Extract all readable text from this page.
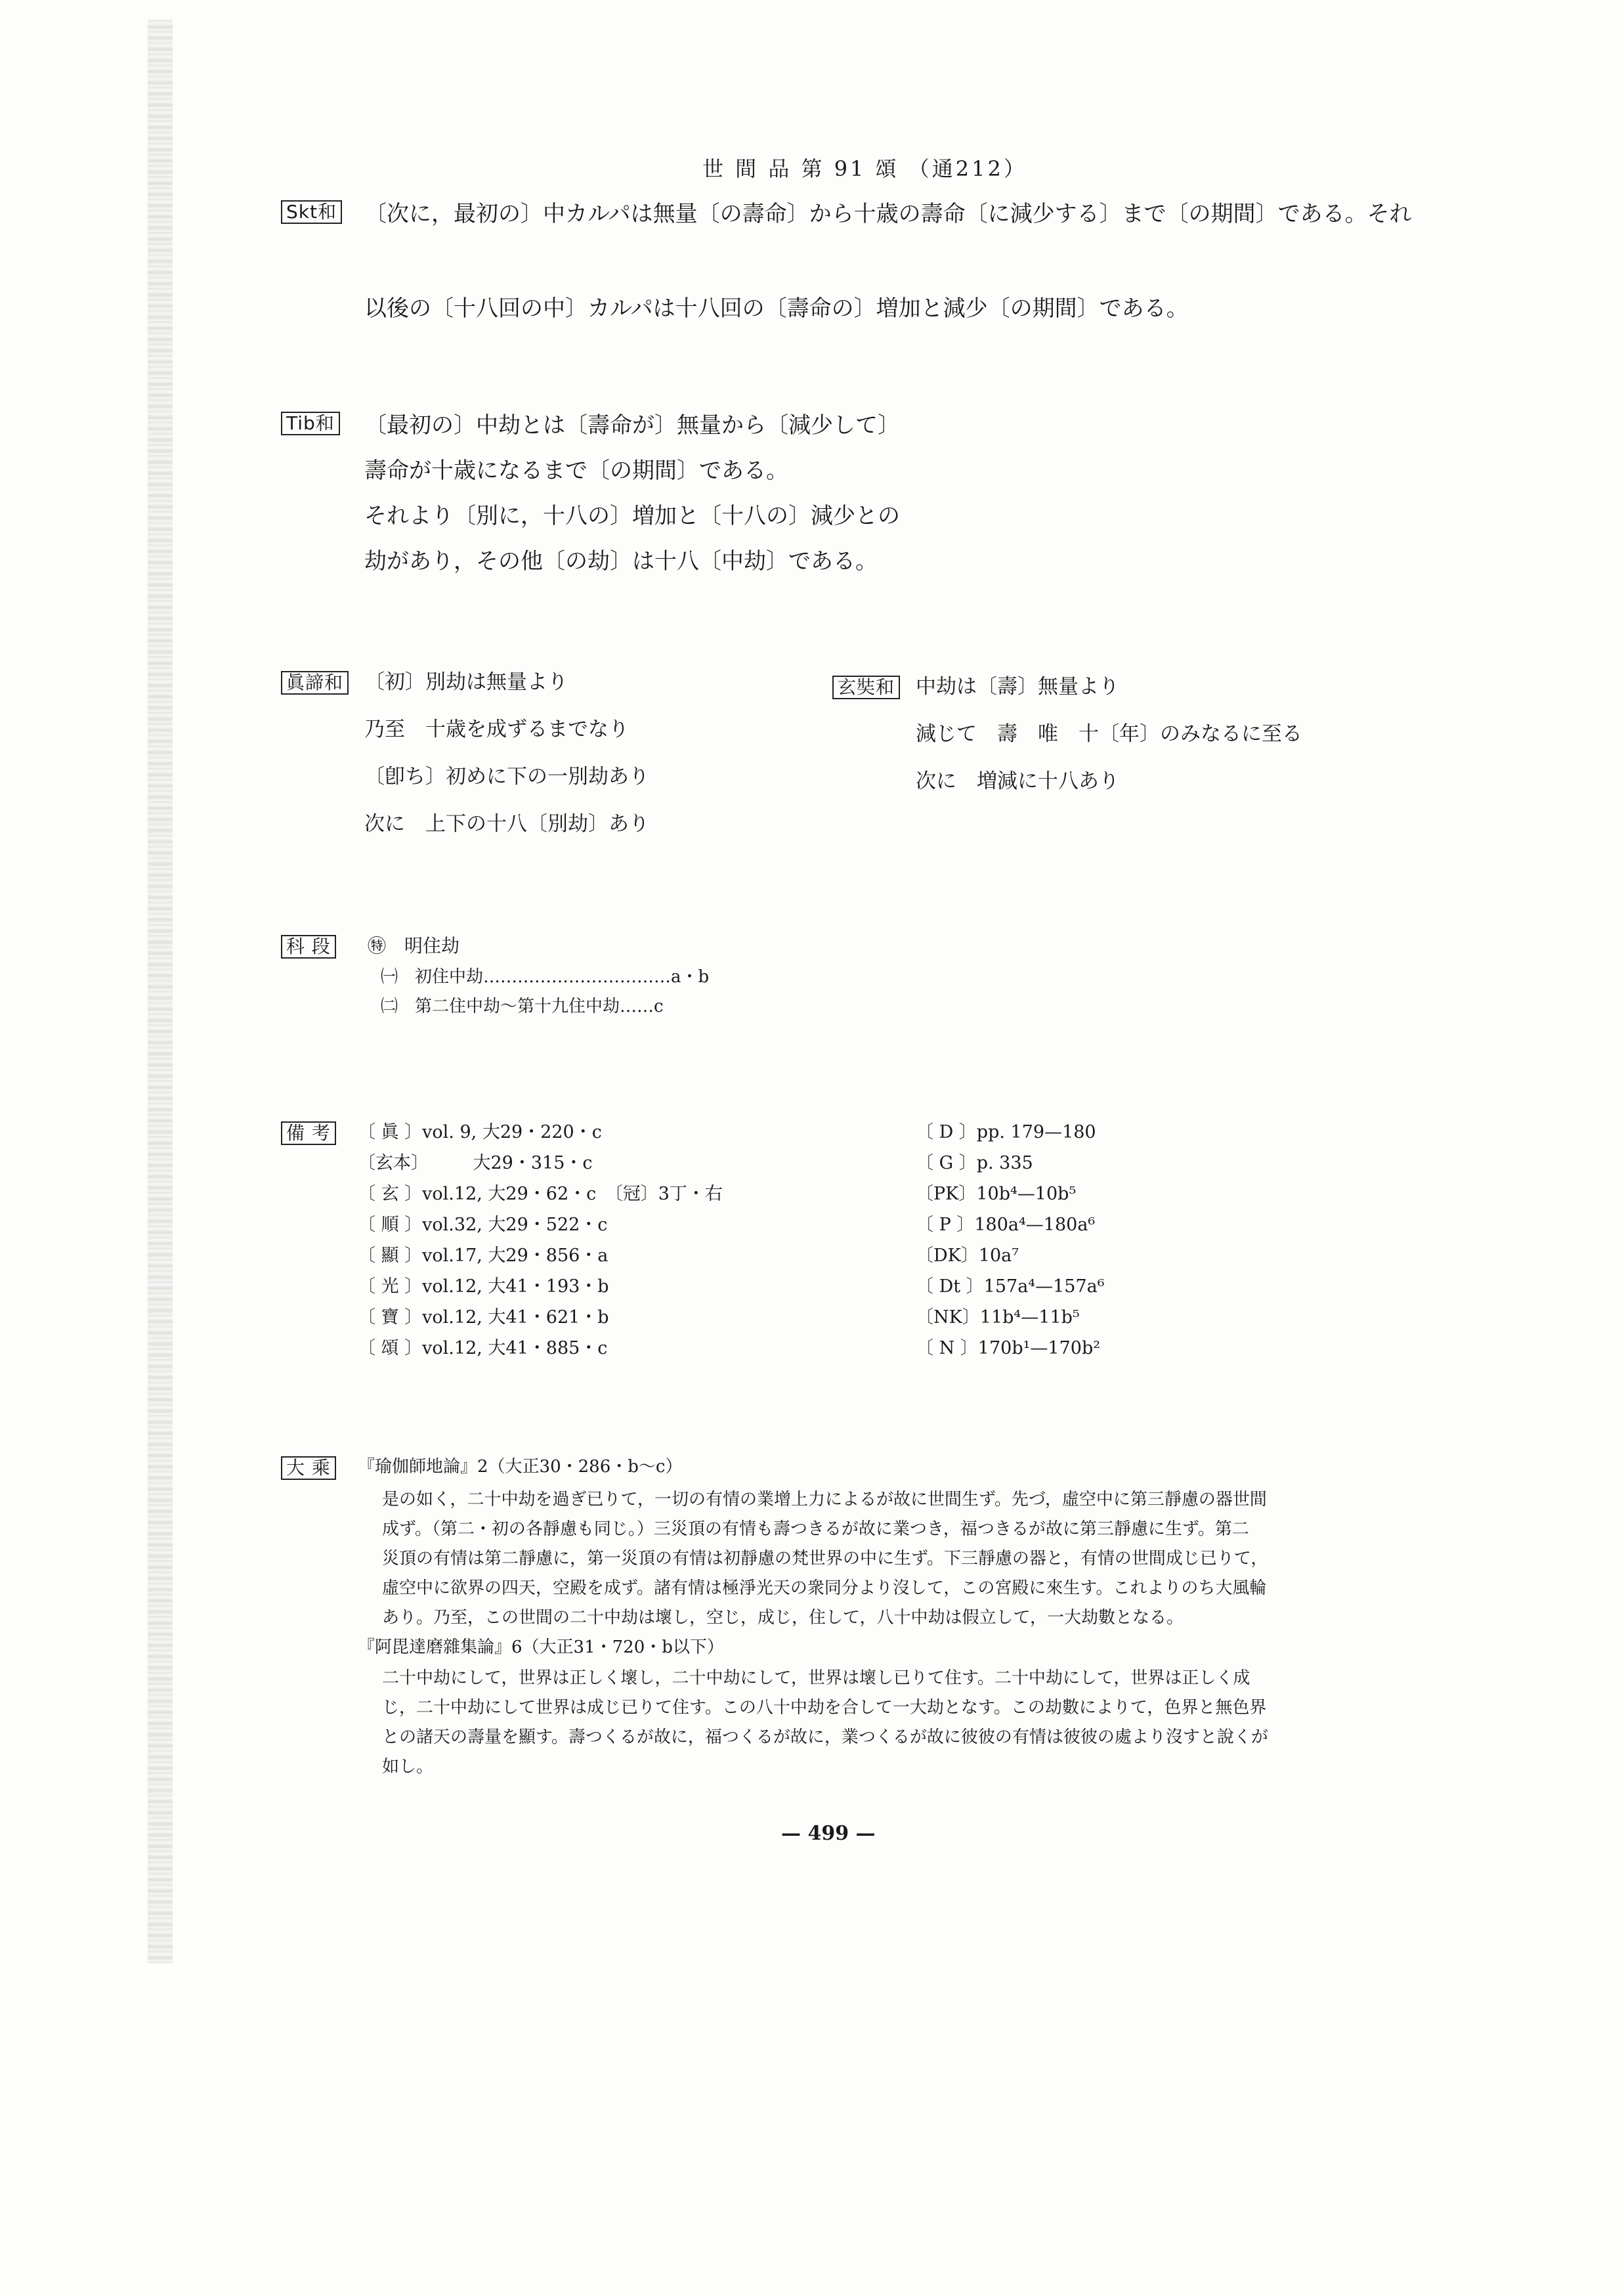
世 間 品 第 91 頌 （通212）
Skt和 〔次に，最初の〕中カルパは無量〔の壽命〕から十歳の壽命〔に減少する〕まで〔の期間〕である。それ
以後の〔十八回の中〕カルパは十八回の〔壽命の〕増加と減少〔の期間〕である。
Tib和 〔最初の〕中劫とは〔壽命が〕無量から〔減少して〕
壽命が十歳になるまで〔の期間〕である。
それより〔別に，十八の〕増加と〔十八の〕減少との
劫があり，その他〔の劫〕は十八〔中劫〕である。
眞諦和 〔初〕別劫は無量より
乃至　十歳を成ずるまでなり
〔卽ち〕初めに下の一別劫あり
次に　上下の十八〔別劫〕あり
玄奘和 中劫は〔壽〕無量より
減じて　壽　唯　十〔年〕のみなるに至る
次に　増減に十八あり
科 段 ㊕　明住劫
㈠　初住中劫……………………………a・b
㈡　第二住中劫～第十九住中劫……c
備 考 〔 眞 〕vol. 9, 大29・220・c
〔玄本〕　　　大29・315・c
〔 玄 〕vol.12, 大29・62・c　〔冠〕3丁・右
〔 順 〕vol.32, 大29・522・c
〔 顯 〕vol.17, 大29・856・a
〔 光 〕vol.12, 大41・193・b
〔 寶 〕vol.12, 大41・621・b
〔 頌 〕vol.12, 大41・885・c
〔 D 〕pp. 179—180
〔 G 〕p. 335
〔PK〕10b⁴—10b⁵
〔 P 〕180a⁴—180a⁶
〔DK〕10a⁷
〔 Dt 〕157a⁴—157a⁶
〔NK〕11b⁴—11b⁵
〔 N 〕170b¹—170b²
大 乘	『瑜伽師地論』2（大正30・286・b～c）
是の如く，二十中劫を過ぎ已りて，一切の有情の業增上力によるが故に世間生ず。先づ，虛空中に第三靜慮の器世間
成ず。（第二・初の各靜慮も同じ。）三災頂の有情も壽つきるが故に業つき，福つきるが故に第三靜慮に生ず。第二
災頂の有情は第二靜慮に，第一災頂の有情は初靜慮の梵世界の中に生ず。下三靜慮の器と，有情の世間成じ已りて，
虛空中に欲界の四天，空殿を成ず。諸有情は極淨光天の衆同分より沒して，この宮殿に來生す。これよりのち大風輪
あり。乃至，この世間の二十中劫は壞し，空じ，成じ，住して，八十中劫は假立して，一大劫數となる。
『阿毘達磨雜集論』6（大正31・720・b以下）
二十中劫にして，世界は正しく壞し，二十中劫にして，世界は壞し已りて住す。二十中劫にして，世界は正しく成
じ，二十中劫にして世界は成じ已りて住す。この八十中劫を合して一大劫となす。この劫數によりて，色界と無色界
との諸天の壽量を顯す。壽つくるが故に，福つくるが故に，業つくるが故に彼彼の有情は彼彼の處より沒すと說くが
如し。
— 499 —
